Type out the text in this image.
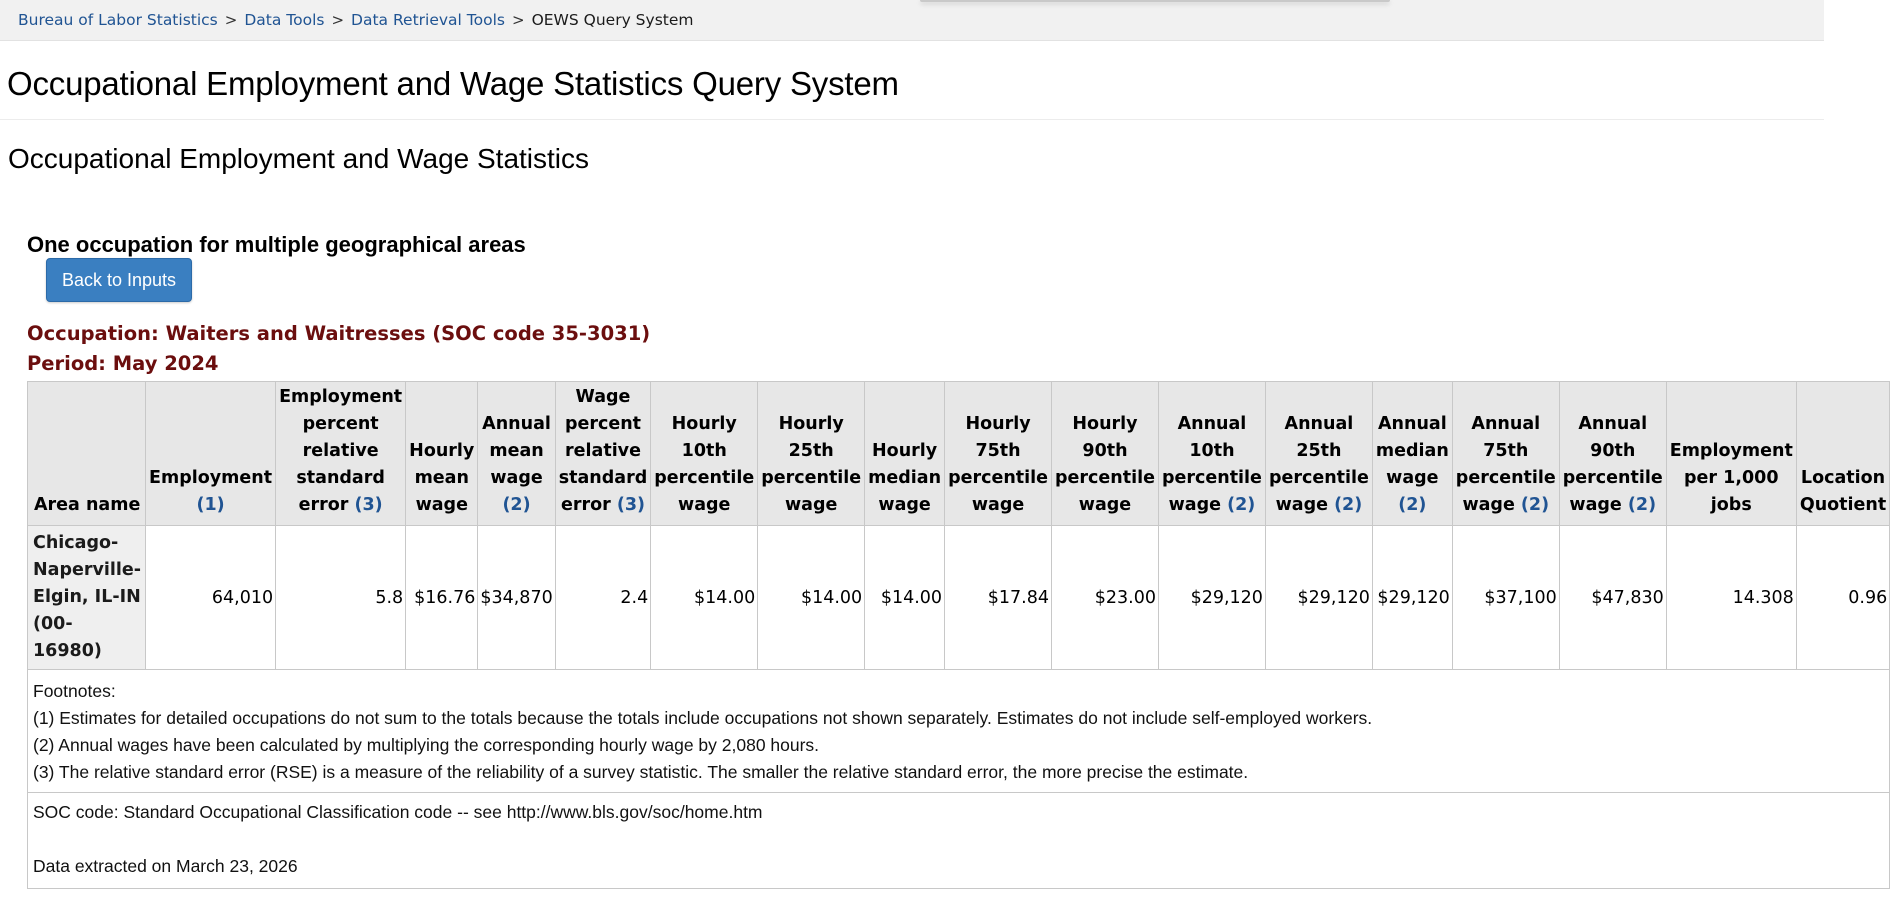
Bureau of Labor Statistics > Data Tools > Data Retrieval Tools > OEWS Query System
Occupational Employment and Wage Statistics Query System
Occupational Employment and Wage Statistics
One occupation for multiple geographical areas
Back to Inputs
Occupation: Waiters and Waitresses (SOC code 35-3031)
Period: May 2024
Area name	Employment (1)	Employment percent relative standard error (3)	Hourly mean wage	Annual mean wage (2)	Wage percent relative standard error (3)	Hourly 10th percentile wage	Hourly 25th percentile wage	Hourly median wage	Hourly 75th percentile wage	Hourly 90th percentile wage	Annual 10th percentile wage (2)	Annual 25th percentile wage (2)	Annual median wage (2)	Annual 75th percentile wage (2)	Annual 90th percentile wage (2)	Employment per 1,000 jobs	Location Quotient
Chicago-Naperville-Elgin, IL-IN (00-16980)	64,010	5.8	$16.76	$34,870	2.4	$14.00	$14.00	$14.00	$17.84	$23.00	$29,120	$29,120	$29,120	$37,100	$47,830	14.308	0.96

Footnotes:
(1) Estimates for detailed occupations do not sum to the totals because the totals include occupations not shown separately. Estimates do not include self-employed workers.
(2) Annual wages have been calculated by multiplying the corresponding hourly wage by 2,080 hours.
(3) The relative standard error (RSE) is a measure of the reliability of a survey statistic. The smaller the relative standard error, the more precise the estimate.																	

SOC code: Standard Occupational Classification code -- see http://www.bls.gov/soc/home.htm
Data extracted on March 23, 2026																	
